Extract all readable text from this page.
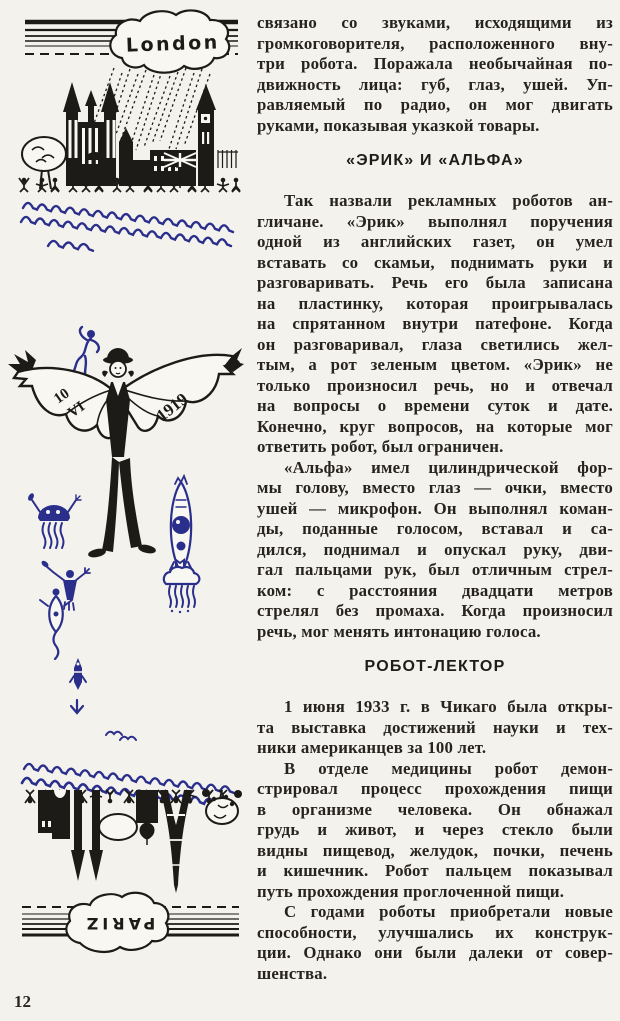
London
10
VI	1919
PARIZ
связано со звуками, исходящими из
громкоговорителя, расположенного вну-
три робота. Поражала необычайная по-
движность лица: губ, глаз, ушей. Уп-
равляемый по радио, он мог двигать
руками, показывая указкой товары.
«ЭРИК» И «АЛЬФА»
Так назвали рекламных роботов ан-
гличане. «Эрик» выполнял поручения
одной из английских газет, он умел
вставать со скамьи, поднимать руки и
разговаривать. Речь его была записана
на пластинку, которая проигрывалась
на спрятанном внутри патефоне. Когда
он разговаривал, глаза светились жел-
тым, а рот зеленым цветом. «Эрик» не
только произносил речь, но и отвечал
на вопросы о времени суток и дате.
Конечно, круг вопросов, на которые мог
ответить робот, был ограничен.
«Альфа» имел цилиндрической фор-
мы голову, вместо глаз — очки, вместо
ушей — микрофон. Он выполнял коман-
ды, поданные голосом, вставал и са-
дился, поднимал и опускал руку, дви-
гал пальцами рук, был отличным стрел-
ком: с расстояния двадцати метров
стрелял без промаха. Когда произносил
речь, мог менять интонацию голоса.
РОБОТ-ЛЕКТОР
1 июня 1933 г. в Чикаго была откры-
та выставка достижений науки и тех-
ники американцев за 100 лет.
В отделе медицины робот демон-
стрировал процесс прохождения пищи
в организме человека. Он обнажал
грудь и живот, и через стекло были
видны пищевод, желудок, почки, печень
и кишечник. Робот пальцем показывал
путь прохождения проглоченной пищи.
С годами роботы приобретали новые
способности, улучшались их конструк-
ции. Однако они были далеки от совер-
шенства.
12
